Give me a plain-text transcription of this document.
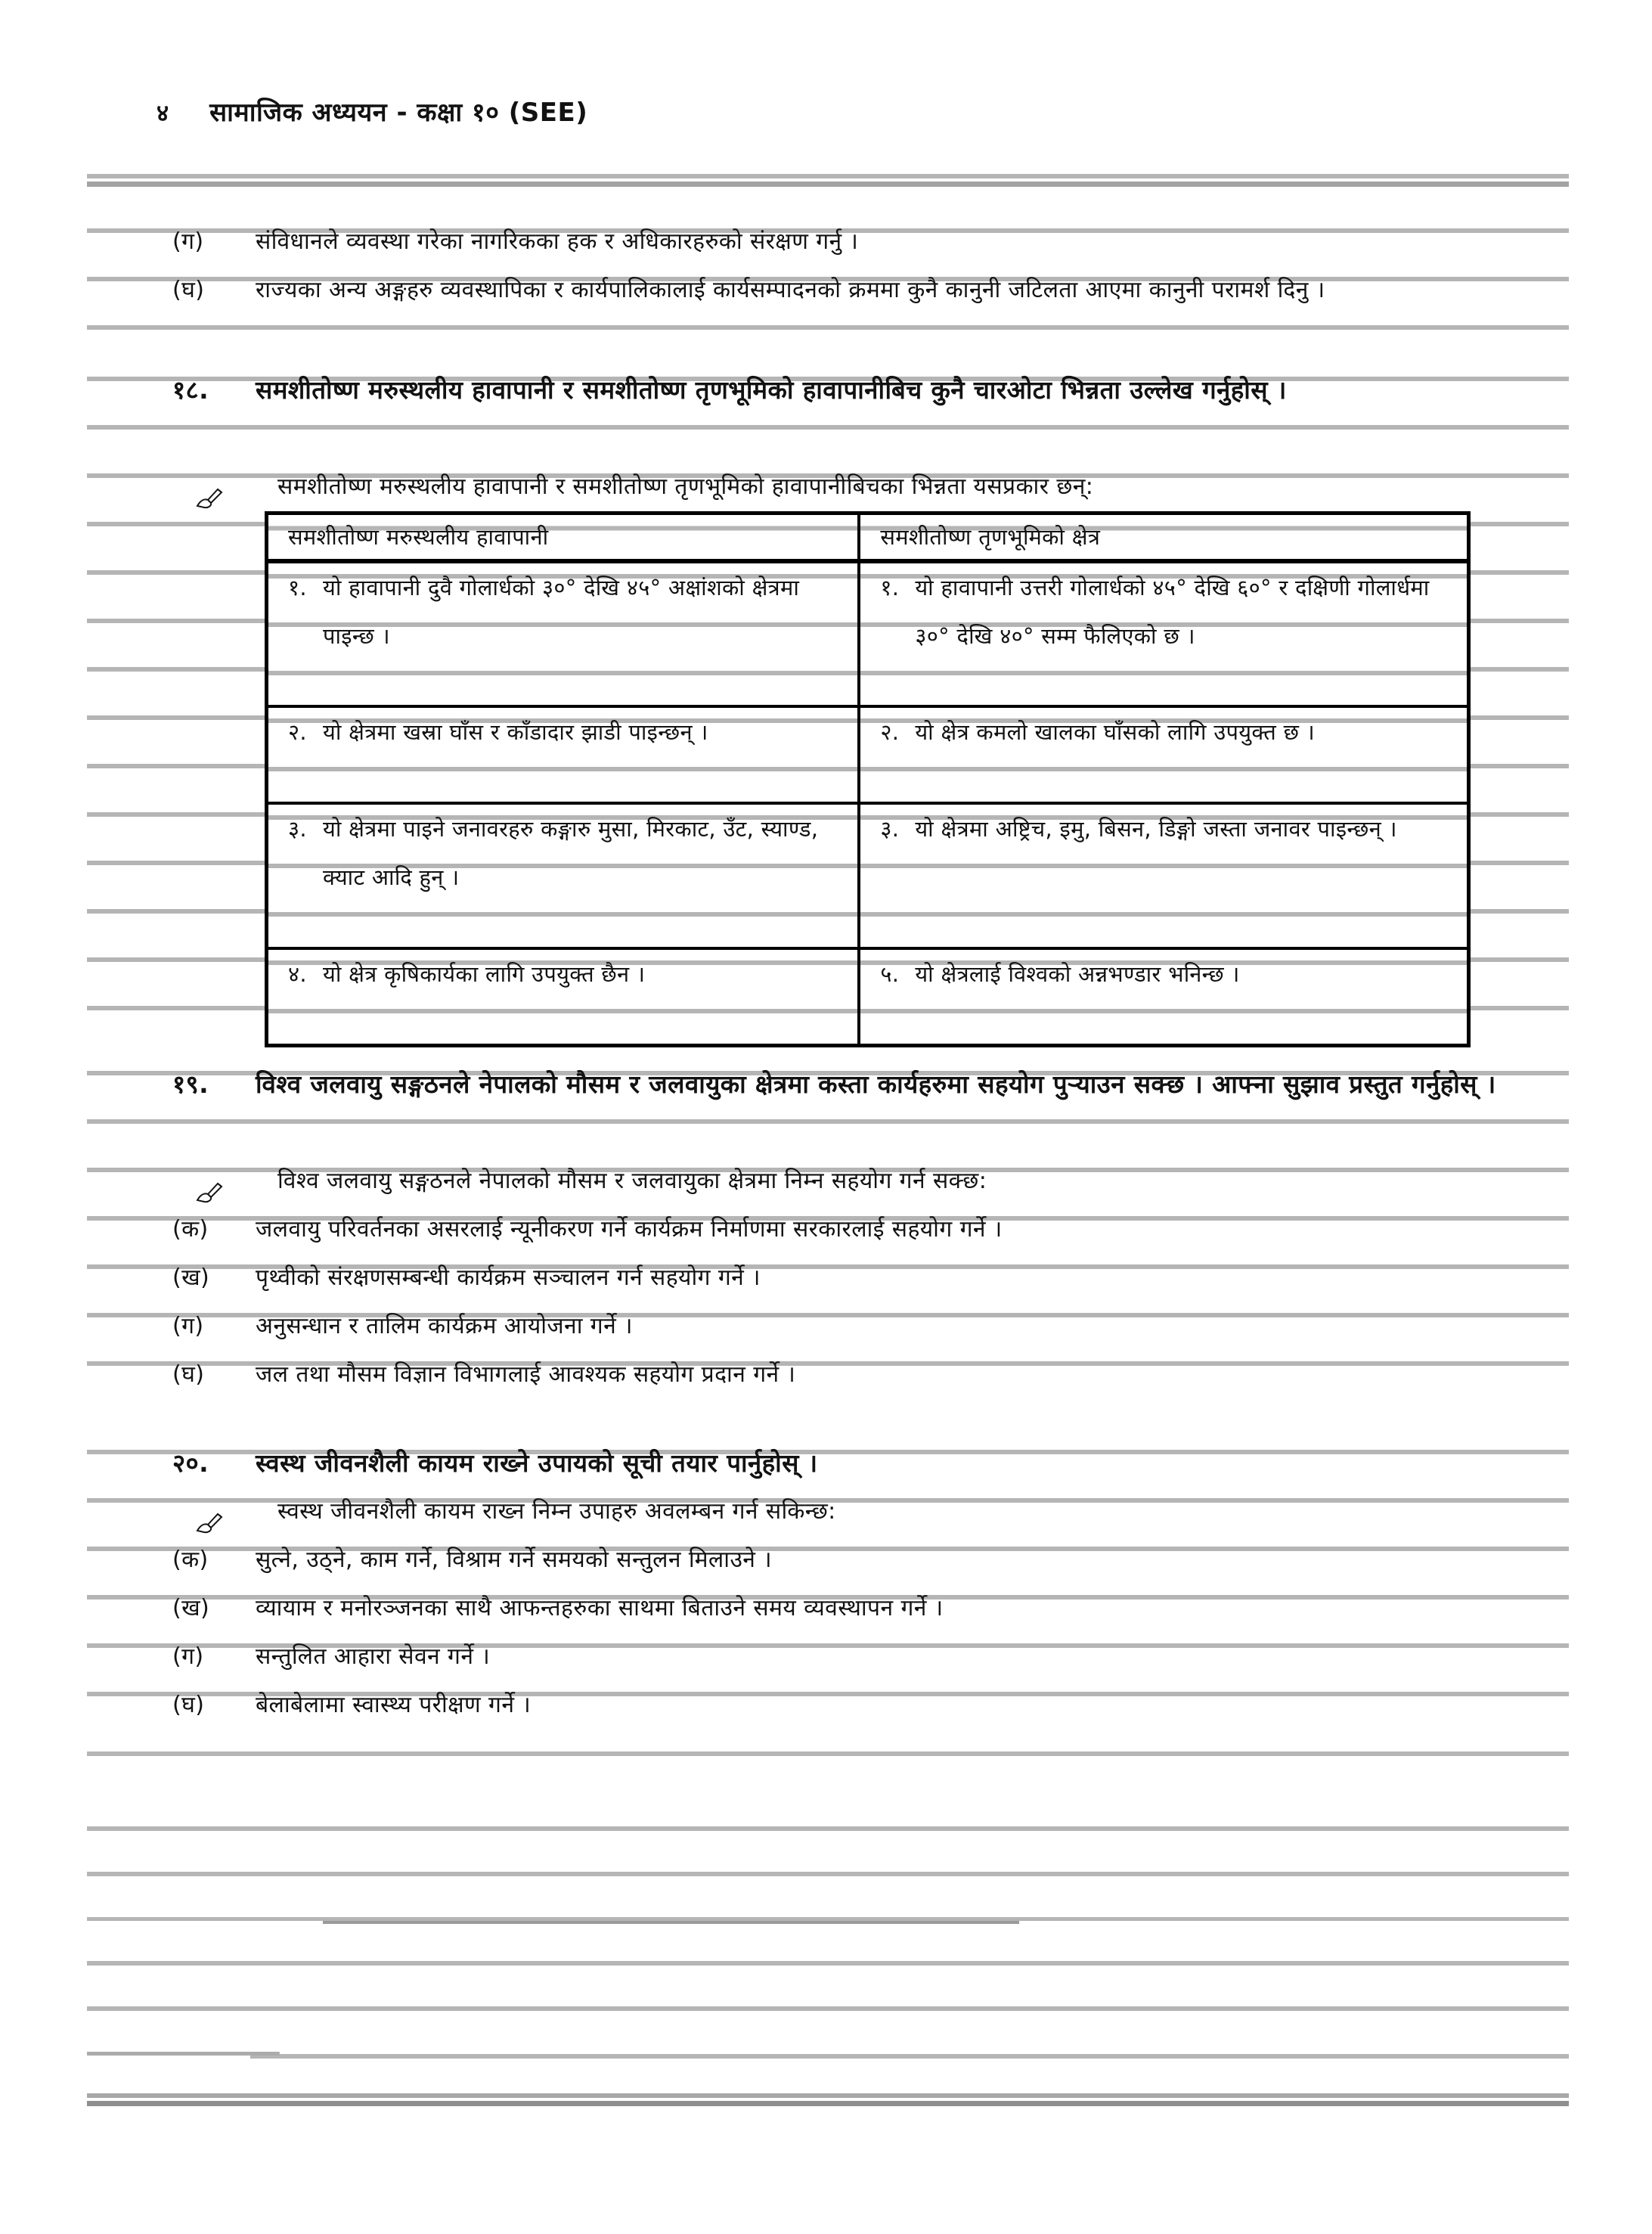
४ सामाजिक अध्ययन - कक्षा १० (SEE)
(ग)	संविधानले व्यवस्था गरेका नागरिकका हक र अधिकारहरुको संरक्षण गर्नु ।
(घ)	राज्यका अन्य अङ्गहरु व्यवस्थापिका र कार्यपालिकालाई कार्यसम्पादनको क्रममा कुनै कानुनी जटिलता आएमा कानुनी परामर्श दिनु ।
१८.	समशीतोष्ण मरुस्थलीय हावापानी र समशीतोष्ण तृणभूमिको हावापानीबिच कुनै चारओटा भिन्नता उल्लेख गर्नुहोस् ।
समशीतोष्ण मरुस्थलीय हावापानी र समशीतोष्ण तृणभूमिको हावापानीबिचका भिन्नता यसप्रकार छन्:
समशीतोष्ण मरुस्थलीय हावापानी	समशीतोष्ण तृणभूमिको क्षेत्र

१. यो हावापानी दुवै गोलार्धको ३०° देखि ४५° अक्षांशको क्षेत्रमा पाइन्छ ।	१. यो हावापानी उत्तरी गोलार्धको ४५° देखि ६०° र दक्षिणी गोलार्धमा ३०° देखि ४०° सम्म फैलिएको छ ।

२. यो क्षेत्रमा खस्रा घाँस र काँडादार झाडी पाइन्छन् ।	२. यो क्षेत्र कमलो खालका घाँसको लागि उपयुक्त छ ।

३. यो क्षेत्रमा पाइने जनावरहरु कङ्गारु मुसा, मिरकाट, उँट, स्याण्ड, क्याट आदि हुन् ।	३. यो क्षेत्रमा अष्ट्रिच, इमु, बिसन, डिङ्गो जस्ता जनावर पाइन्छन् ।

४. यो क्षेत्र कृषिकार्यका लागि उपयुक्त छैन ।	५. यो क्षेत्रलाई विश्वको अन्नभण्डार भनिन्छ ।
१९.	विश्व जलवायु सङ्गठनले नेपालको मौसम र जलवायुका क्षेत्रमा कस्ता कार्यहरुमा सहयोग पुर्‍याउन सक्छ । आफ्ना सुझाव प्रस्तुत गर्नुहोस् ।
विश्व जलवायु सङ्गठनले नेपालको मौसम र जलवायुका क्षेत्रमा निम्न सहयोग गर्न सक्छ:
(क)	जलवायु परिवर्तनका असरलाई न्यूनीकरण गर्ने कार्यक्रम निर्माणमा सरकारलाई सहयोग गर्ने ।
(ख)	पृथ्वीको संरक्षणसम्बन्धी कार्यक्रम सञ्चालन गर्न सहयोग गर्ने ।
(ग)	अनुसन्धान र तालिम कार्यक्रम आयोजना गर्ने ।
(घ)	जल तथा मौसम विज्ञान विभागलाई आवश्यक सहयोग प्रदान गर्ने ।
२०.	स्वस्थ जीवनशैली कायम राख्ने उपायको सूची तयार पार्नुहोस् ।
स्वस्थ जीवनशैली कायम राख्न निम्न उपाहरु अवलम्बन गर्न सकिन्छ:
(क)	सुत्ने, उठ्ने, काम गर्ने, विश्राम गर्ने समयको सन्तुलन मिलाउने ।
(ख)	व्यायाम र मनोरञ्जनका साथै आफन्तहरुका साथमा बिताउने समय व्यवस्थापन गर्ने ।
(ग)	सन्तुलित आहारा सेवन गर्ने ।
(घ)	बेलाबेलामा स्वास्थ्य परीक्षण गर्ने ।
